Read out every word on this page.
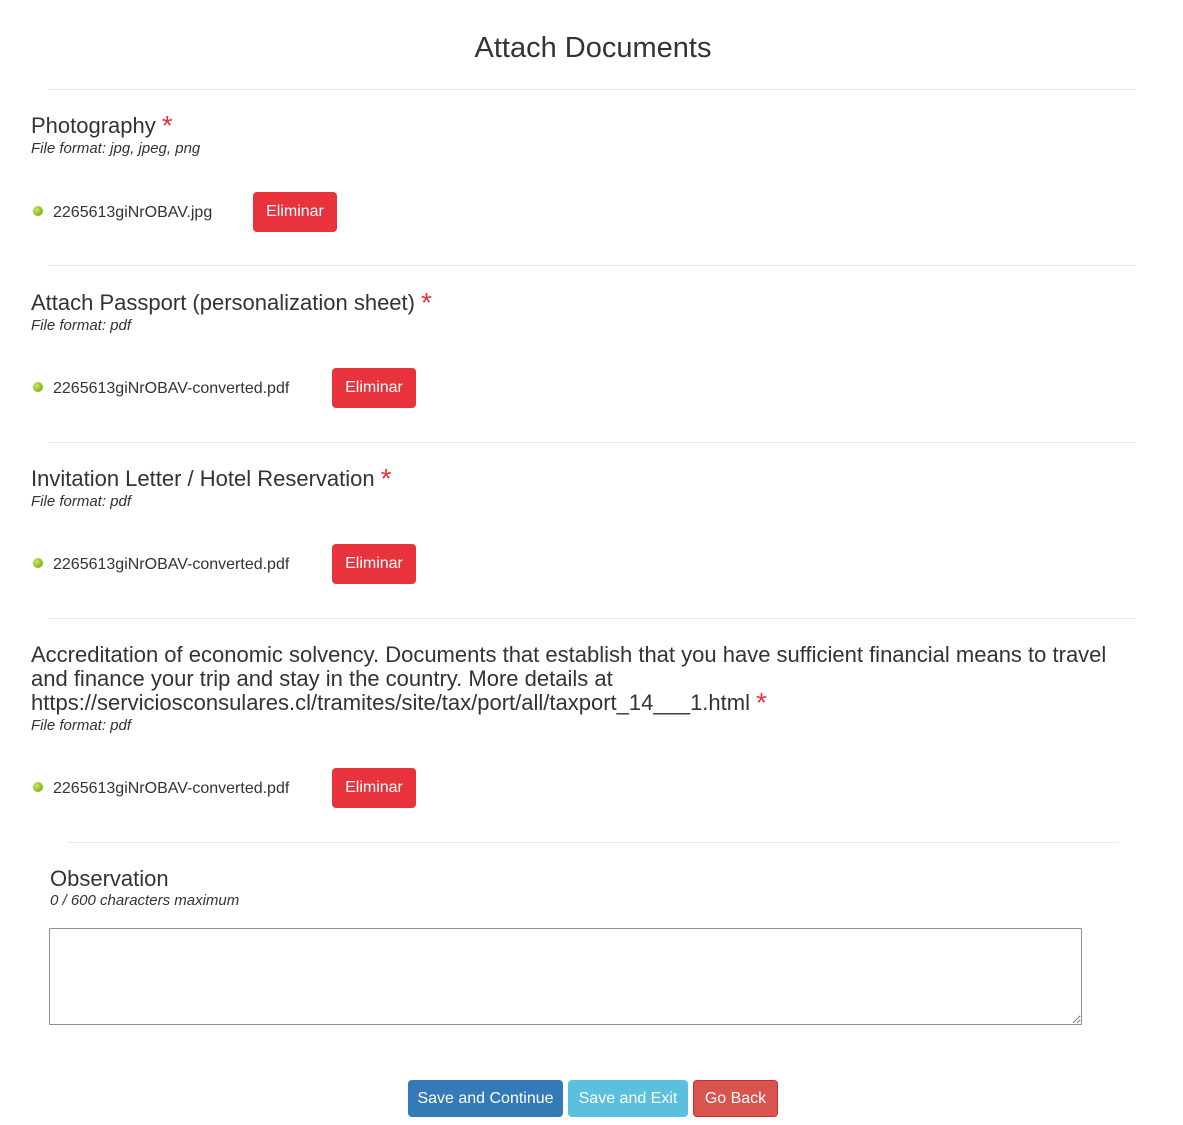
Attach Documents
Photography *
File format: jpg, jpeg, png
2265613giNrOBAV.jpg	Eliminar
Attach Passport (personalization sheet) *
File format: pdf
2265613giNrOBAV-converted.pdf	Eliminar
Invitation Letter / Hotel Reservation *
File format: pdf
2265613giNrOBAV-converted.pdf	Eliminar
Accreditation of economic solvency. Documents that establish that you have sufficient financial means to travel and finance your trip and stay in the country. More details at https://serviciosconsulares.cl/tramites/site/tax/port/all/taxport_14___1.html *
File format: pdf
2265613giNrOBAV-converted.pdf	Eliminar
Observation
0 / 600 characters maximum
Save and Continue	Save and Exit	Go Back
